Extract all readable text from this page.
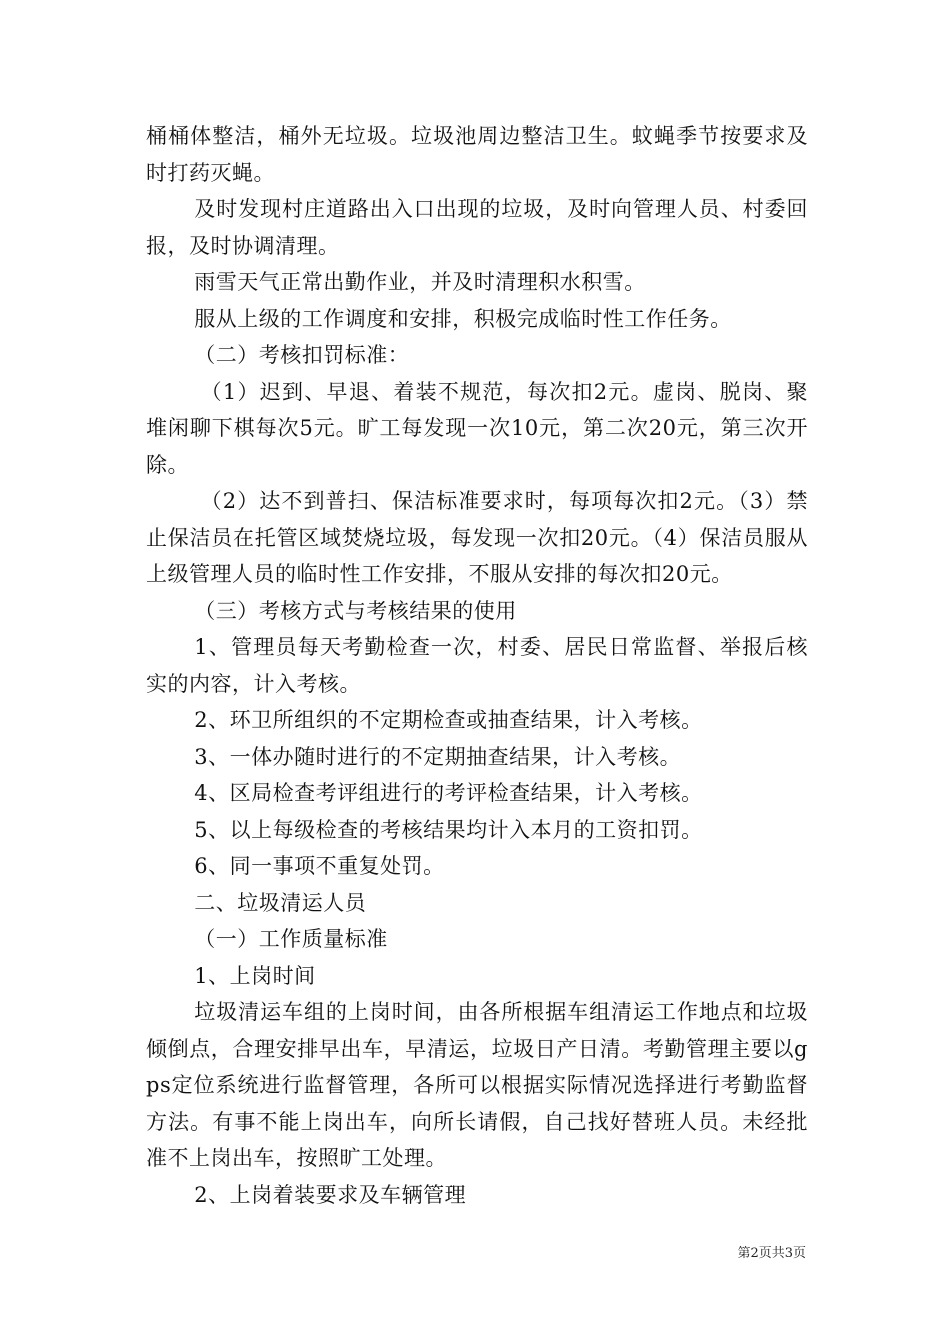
桶桶体整洁，桶外无垃圾。垃圾池周边整洁卫生。蚊蝇季节按要求及时打药灭蝇。

及时发现村庄道路出入口出现的垃圾，及时向管理人员、村委回报，及时协调清理。

雨雪天气正常出勤作业，并及时清理积水积雪。

服从上级的工作调度和安排，积极完成临时性工作任务。

（二）考核扣罚标准：

（1）迟到、早退、着装不规范，每次扣2元。虚岗、脱岗、聚堆闲聊下棋每次5元。旷工每发现一次10元，第二次20元，第三次开除。

（2）达不到普扫、保洁标准要求时，每项每次扣2元。（3）禁止保洁员在托管区域焚烧垃圾，每发现一次扣20元。（4）保洁员服从上级管理人员的临时性工作安排，不服从安排的每次扣20元。

（三）考核方式与考核结果的使用

1、管理员每天考勤检查一次，村委、居民日常监督、举报后核实的内容，计入考核。

2、环卫所组织的不定期检查或抽查结果，计入考核。

3、一体办随时进行的不定期抽查结果，计入考核。

4、区局检查考评组进行的考评检查结果，计入考核。

5、以上每级检查的考核结果均计入本月的工资扣罚。

6、同一事项不重复处罚。

二、垃圾清运人员

（一）工作质量标准

1、上岗时间

垃圾清运车组的上岗时间，由各所根据车组清运工作地点和垃圾倾倒点，合理安排早出车，早清运，垃圾日产日清。考勤管理主要以gps定位系统进行监督管理，各所可以根据实际情况选择进行考勤监督方法。有事不能上岗出车，向所长请假，自己找好替班人员。未经批准不上岗出车，按照旷工处理。

2、上岗着装要求及车辆管理

第2页共3页
